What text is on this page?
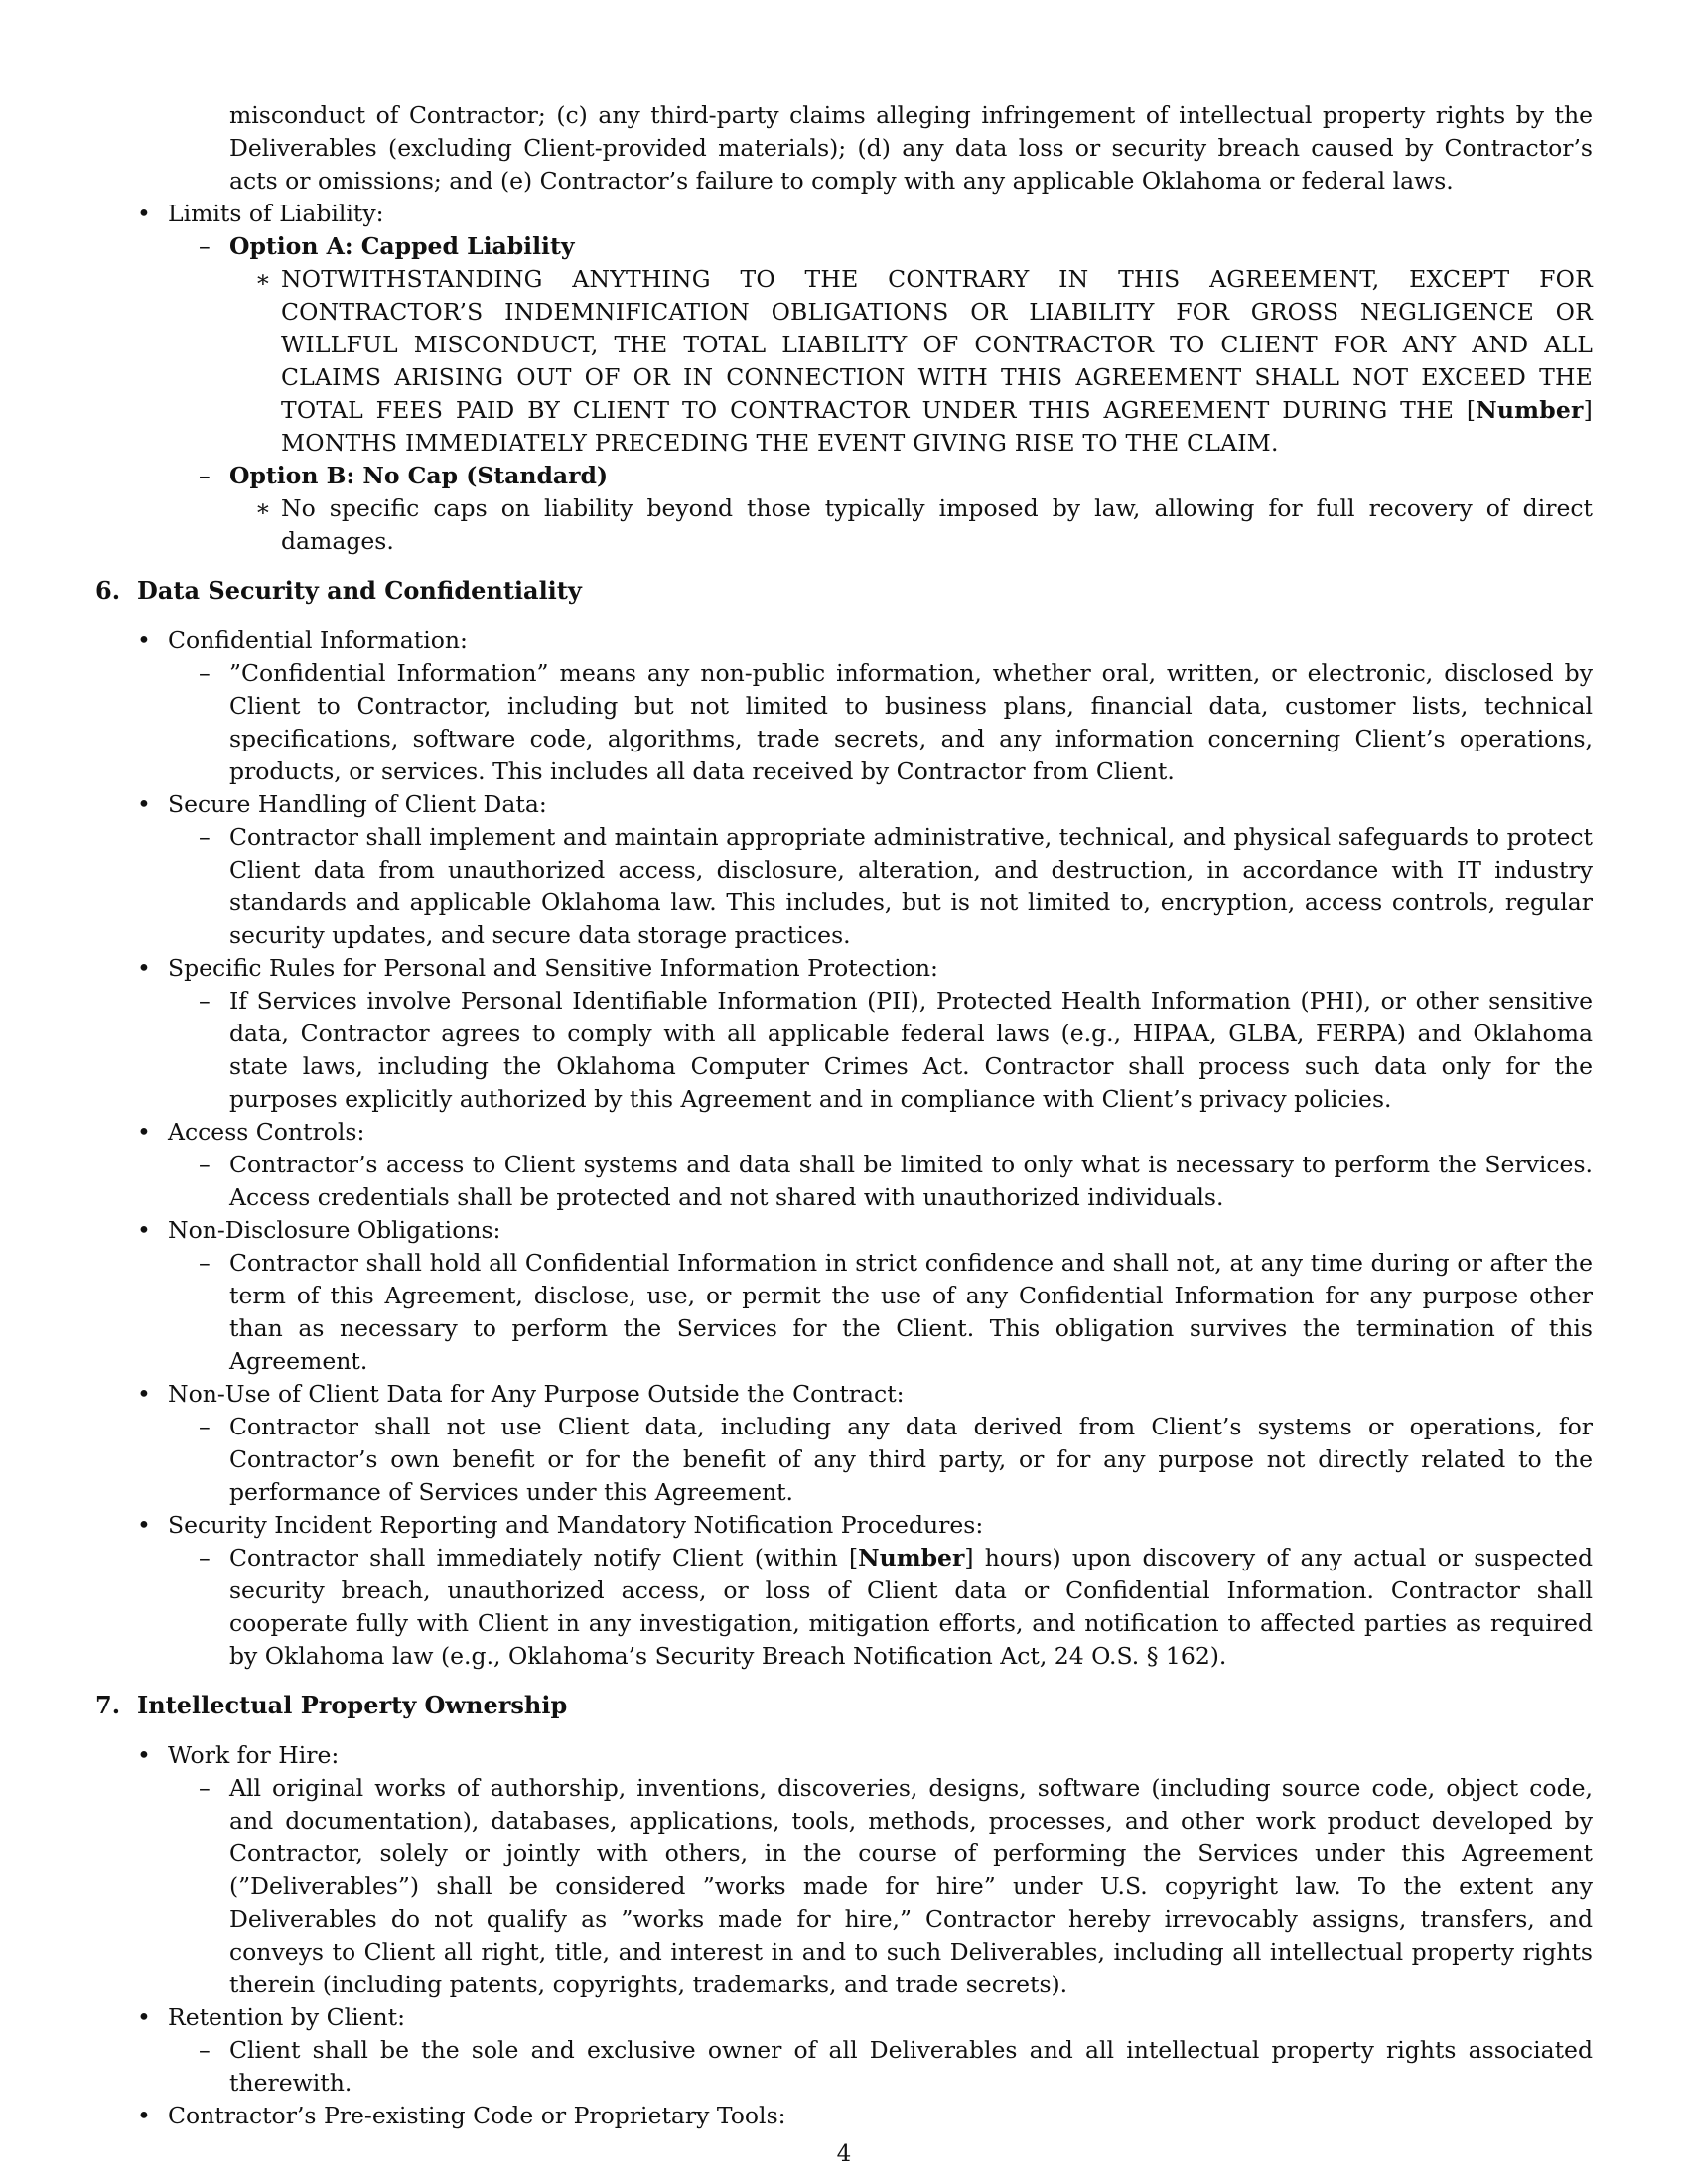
misconduct of Contractor; (c) any third-party claims alleging infringement of intellectual property rights by the Deliverables (excluding Client-provided materials); (d) any data loss or security breach caused by Contractor’s acts or omissions; and (e) Contractor’s failure to comply with any applicable Oklahoma or federal laws.
• Limits of Liability:
– Option A: Capped Liability
∗ NOTWITHSTANDING ANYTHING TO THE CONTRARY IN THIS AGREEMENT, EXCEPT FOR CONTRACTOR’S INDEMNIFICATION OBLIGATIONS OR LIABILITY FOR GROSS NEGLIGENCE OR WILLFUL MISCONDUCT, THE TOTAL LIABILITY OF CONTRACTOR TO CLIENT FOR ANY AND ALL CLAIMS ARISING OUT OF OR IN CONNECTION WITH THIS AGREEMENT SHALL NOT EXCEED THE TOTAL FEES PAID BY CLIENT TO CONTRACTOR UNDER THIS AGREEMENT DURING THE [Number] MONTHS IMMEDIATELY PRECEDING THE EVENT GIVING RISE TO THE CLAIM.
– Option B: No Cap (Standard)
∗ No specific caps on liability beyond those typically imposed by law, allowing for full recovery of direct damages.
6. Data Security and Confidentiality
• Confidential Information:
– ”Confidential Information” means any non-public information, whether oral, written, or electronic, disclosed by Client to Contractor, including but not limited to business plans, financial data, customer lists, technical specifications, software code, algorithms, trade secrets, and any information concerning Client’s operations, products, or services. This includes all data received by Contractor from Client.
• Secure Handling of Client Data:
– Contractor shall implement and maintain appropriate administrative, technical, and physical safeguards to protect Client data from unauthorized access, disclosure, alteration, and destruction, in accordance with IT industry standards and applicable Oklahoma law. This includes, but is not limited to, encryption, access controls, regular security updates, and secure data storage practices.
• Specific Rules for Personal and Sensitive Information Protection:
– If Services involve Personal Identifiable Information (PII), Protected Health Information (PHI), or other sensitive data, Contractor agrees to comply with all applicable federal laws (e.g., HIPAA, GLBA, FERPA) and Oklahoma state laws, including the Oklahoma Computer Crimes Act. Contractor shall process such data only for the purposes explicitly authorized by this Agreement and in compliance with Client’s privacy policies.
• Access Controls:
– Contractor’s access to Client systems and data shall be limited to only what is necessary to perform the Services. Access credentials shall be protected and not shared with unauthorized individuals.
• Non-Disclosure Obligations:
– Contractor shall hold all Confidential Information in strict confidence and shall not, at any time during or after the term of this Agreement, disclose, use, or permit the use of any Confidential Information for any purpose other than as necessary to perform the Services for the Client. This obligation survives the termination of this Agreement.
• Non-Use of Client Data for Any Purpose Outside the Contract:
– Contractor shall not use Client data, including any data derived from Client’s systems or operations, for Contractor’s own benefit or for the benefit of any third party, or for any purpose not directly related to the performance of Services under this Agreement.
• Security Incident Reporting and Mandatory Notification Procedures:
– Contractor shall immediately notify Client (within [Number] hours) upon discovery of any actual or suspected security breach, unauthorized access, or loss of Client data or Confidential Information. Contractor shall cooperate fully with Client in any investigation, mitigation efforts, and notification to affected parties as required by Oklahoma law (e.g., Oklahoma’s Security Breach Notification Act, 24 O.S. § 162).
7. Intellectual Property Ownership
• Work for Hire:
– All original works of authorship, inventions, discoveries, designs, software (including source code, object code, and documentation), databases, applications, tools, methods, processes, and other work product developed by Contractor, solely or jointly with others, in the course of performing the Services under this Agreement (”Deliverables”) shall be considered ”works made for hire” under U.S. copyright law. To the extent any Deliverables do not qualify as ”works made for hire,” Contractor hereby irrevocably assigns, transfers, and conveys to Client all right, title, and interest in and to such Deliverables, including all intellectual property rights therein (including patents, copyrights, trademarks, and trade secrets).
• Retention by Client:
– Client shall be the sole and exclusive owner of all Deliverables and all intellectual property rights associated therewith.
• Contractor’s Pre-existing Code or Proprietary Tools:
4
